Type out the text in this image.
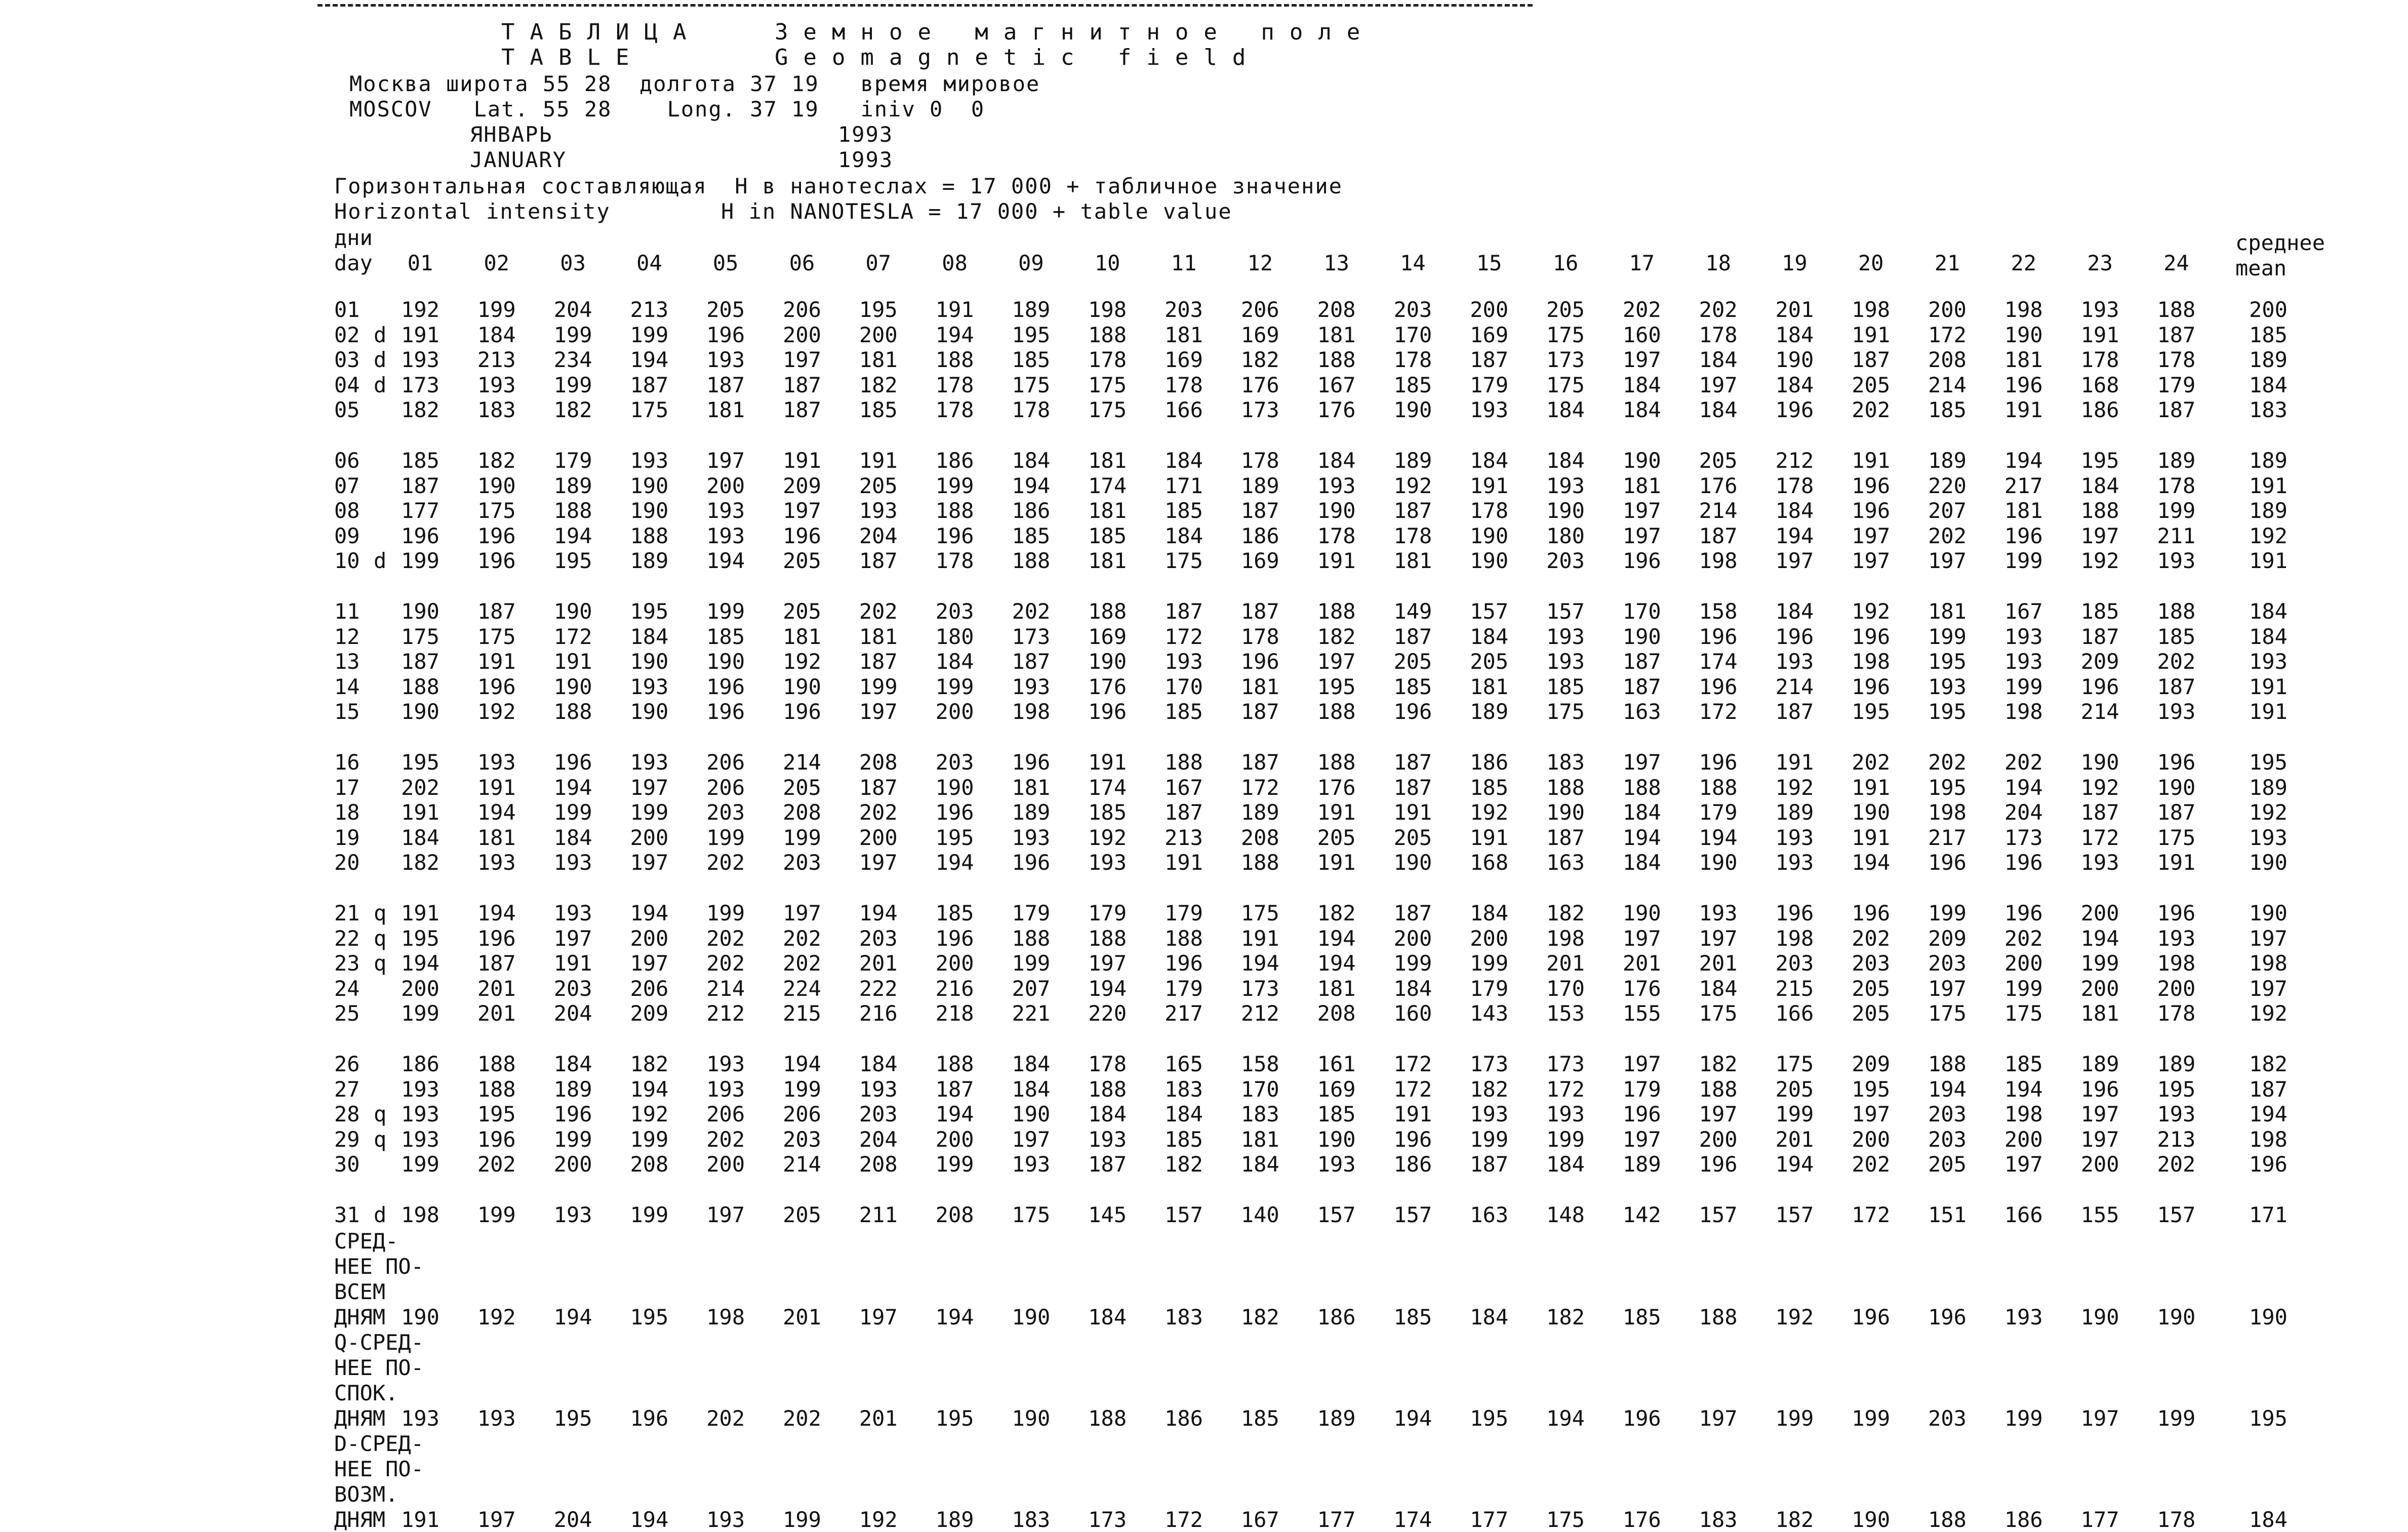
ТАБЛИЦА	Земное магнитное поле
TABLE	Geomagnetic field
Москва широта 55 28  долгота 37 19   время мировое
MOSCOV   Lat. 55 28    Long. 37 19   iniv 0  0
ЯНВАРЬ	1993
JANUARY	1993
Горизонтальная составляющая  H в нанотеслах = 17 000 + табличное значение
Horizontal intensity        H in NANOTESLA = 17 000 + table value
дни
day
среднее
mean
01	02	03	04	05	06	07	08	09	10	11	12	13	14	15	16	17	18	19	20	21	22	23	24
01	192	199	204	213	205	206	195	191	189	198	203	206	208	203	200	205	202	202	201	198	200	198	193	188	200
02 d 191	184	199	199	196	200	200	194	195	188	181	169	181	170	169	175	160	178	184	191	172	190	191	187	185
03 d 193	213	234	194	193	197	181	188	185	178	169	182	188	178	187	173	197	184	190	187	208	181	178	178	189
04 d 173	193	199	187	187	187	182	178	175	175	178	176	167	185	179	175	184	197	184	205	214	196	168	179	184
05	182	183	182	175	181	187	185	178	178	175	166	173	176	190	193	184	184	184	196	202	185	191	186	187	183
06	185	182	179	193	197	191	191	186	184	181	184	178	184	189	184	184	190	205	212	191	189	194	195	189	189
07	187	190	189	190	200	209	205	199	194	174	171	189	193	192	191	193	181	176	178	196	220	217	184	178	191
08	177	175	188	190	193	197	193	188	186	181	185	187	190	187	178	190	197	214	184	196	207	181	188	199	189
09	196	196	194	188	193	196	204	196	185	185	184	186	178	178	190	180	197	187	194	197	202	196	197	211	192
10 d 199	196	195	189	194	205	187	178	188	181	175	169	191	181	190	203	196	198	197	197	197	199	192	193	191
11	190	187	190	195	199	205	202	203	202	188	187	187	188	149	157	157	170	158	184	192	181	167	185	188	184
12	175	175	172	184	185	181	181	180	173	169	172	178	182	187	184	193	190	196	196	196	199	193	187	185	184
13	187	191	191	190	190	192	187	184	187	190	193	196	197	205	205	193	187	174	193	198	195	193	209	202	193
14	188	196	190	193	196	190	199	199	193	176	170	181	195	185	181	185	187	196	214	196	193	199	196	187	191
15	190	192	188	190	196	196	197	200	198	196	185	187	188	196	189	175	163	172	187	195	195	198	214	193	191
16	195	193	196	193	206	214	208	203	196	191	188	187	188	187	186	183	197	196	191	202	202	202	190	196	195
17	202	191	194	197	206	205	187	190	181	174	167	172	176	187	185	188	188	188	192	191	195	194	192	190	189
18	191	194	199	199	203	208	202	196	189	185	187	189	191	191	192	190	184	179	189	190	198	204	187	187	192
19	184	181	184	200	199	199	200	195	193	192	213	208	205	205	191	187	194	194	193	191	217	173	172	175	193
20	182	193	193	197	202	203	197	194	196	193	191	188	191	190	168	163	184	190	193	194	196	196	193	191	190
21 q 191	194	193	194	199	197	194	185	179	179	179	175	182	187	184	182	190	193	196	196	199	196	200	196	190
22 q 195	196	197	200	202	202	203	196	188	188	188	191	194	200	200	198	197	197	198	202	209	202	194	193	197
23 q 194	187	191	197	202	202	201	200	199	197	196	194	194	199	199	201	201	201	203	203	203	200	199	198	198
24	200	201	203	206	214	224	222	216	207	194	179	173	181	184	179	170	176	184	215	205	197	199	200	200	197
25	199	201	204	209	212	215	216	218	221	220	217	212	208	160	143	153	155	175	166	205	175	175	181	178	192
26	186	188	184	182	193	194	184	188	184	178	165	158	161	172	173	173	197	182	175	209	188	185	189	189	182
27	193	188	189	194	193	199	193	187	184	188	183	170	169	172	182	172	179	188	205	195	194	194	196	195	187
28 q 193	195	196	192	206	206	203	194	190	184	184	183	185	191	193	193	196	197	199	197	203	198	197	193	194
29 q 193	196	199	199	202	203	204	200	197	193	185	181	190	196	199	199	197	200	201	200	203	200	197	213	198
30	199	202	200	208	200	214	208	199	193	187	182	184	193	186	187	184	189	196	194	202	205	197	200	202	196
31 d 198	199	193	199	197	205	211	208	175	145	157	140	157	157	163	148	142	157	157	172	151	166	155	157	171
СРЕД-
НЕЕ ПО-
ВСЕМ
ДНЯМ 190	192	194	195	198	201	197	194	190	184	183	182	186	185	184	182	185	188	192	196	196	193	190	190	190
Q-СРЕД-
НЕЕ ПО-
СПОК.
ДНЯМ 193	193	195	196	202	202	201	195	190	188	186	185	189	194	195	194	196	197	199	199	203	199	197	199	195
D-СРЕД-
НЕЕ ПО-
ВОЗМ.
ДНЯМ 191	197	204	194	193	199	192	189	183	173	172	167	177	174	177	175	176	183	182	190	188	186	177	178	184
